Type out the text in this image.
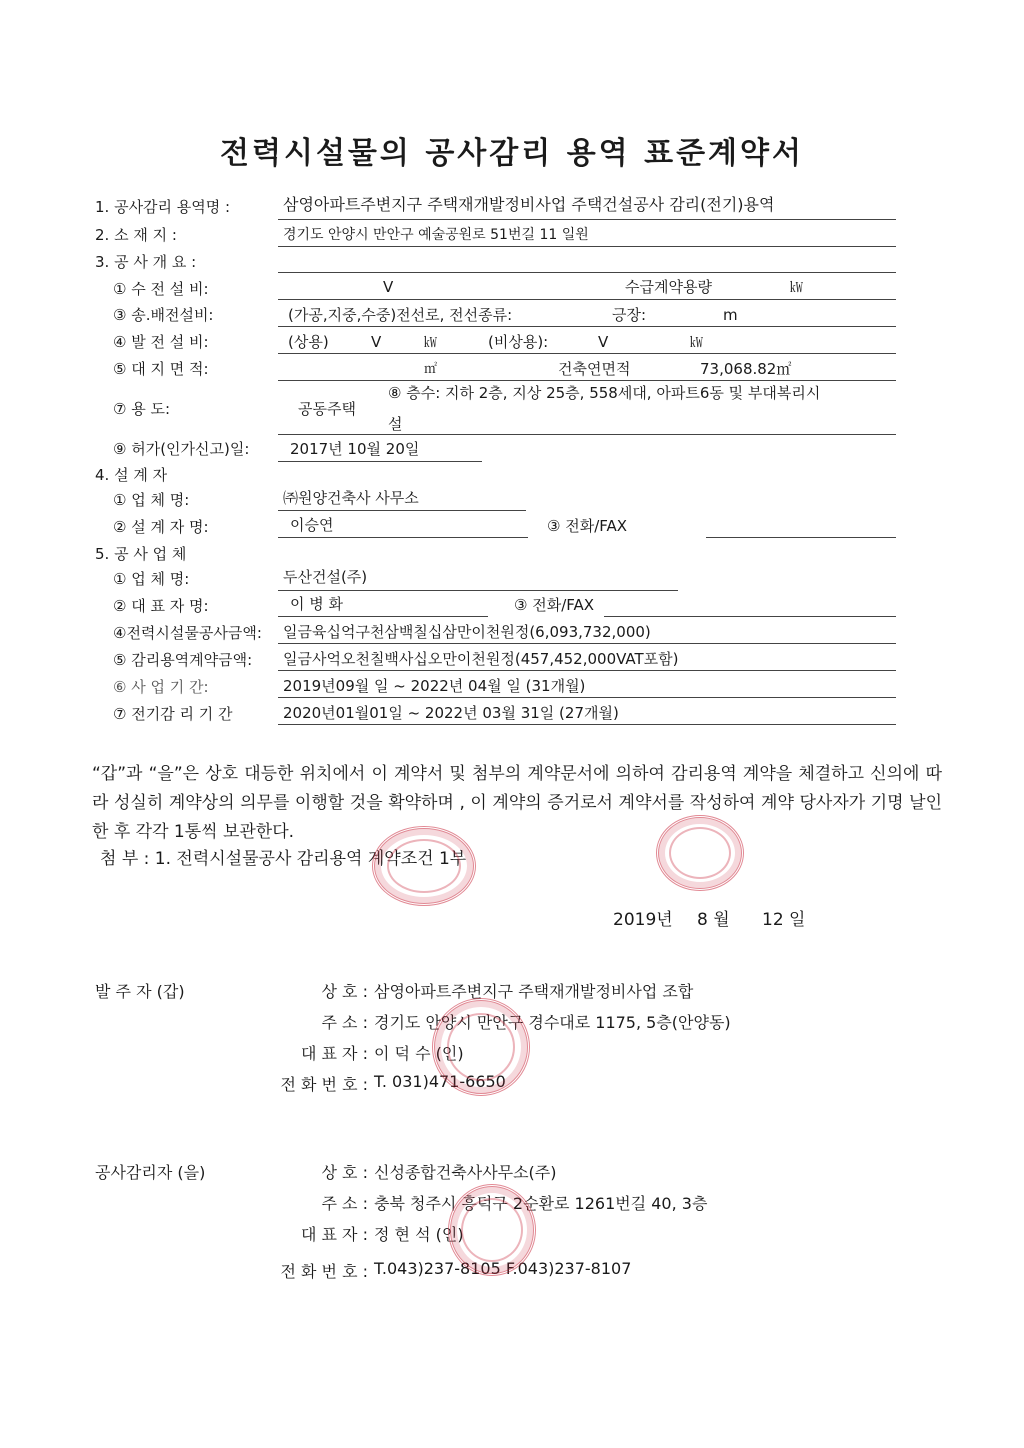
전력시설물의 공사감리 용역 표준계약서
1. 공사감리 용역명 :	삼영아파트주변지구 주택재개발정비사업 주택건설공사 감리(전기)용역
2. 소 재 지 :	경기도 안양시 만안구 예술공원로 51번길 11 일원
3. 공 사 개 요 :
① 수 전 설 비:	V	수급계약용량	㎾
③ 송.배전설비:	(가공,지중,수중)전선로, 전선종류:	긍장:	m
④ 발 전 설 비:	(상용)	V	㎾	(비상용):	V	㎾
⑤ 대 지 면 적:	㎡	건축연면적	73,068.82㎡
⑦ 용 도:	공동주택
⑧ 층수: 지하 2층, 지상 25층, 558세대, 아파트6동 및 부대복리시
설
⑨ 허가(인가신고)일:	2017년 10월 20일
4. 설 계 자
① 업 체 명:	㈜원양건축사 사무소
② 설 계 자 명:	이승연	③ 전화/FAX
5. 공 사 업 체
① 업 체 명:	두산건설(주)
② 대 표 자 명:	이 병 화	③ 전화/FAX
④전력시설물공사금액: 일금육십억구천삼백칠십삼만이천원정(6,093,732,000)
⑤ 감리용역계약금액: 일금사억오천칠백사십오만이천원정(457,452,000VAT포함)
⑥ 사 업 기 간:	2019년09월 일 ~ 2022년 04월 일 (31개월)
⑦ 전기감 리 기 간	2020년01월01일 ~ 2022년 03월 31일 (27개월)
“갑”과 “을”은 상호 대등한 위치에서 이 계약서 및 첨부의 계약문서에 의하여 감리용역 계약을 체결하고 신의에 따라 성실히 계약상의 의무를 이행할 것을 확약하며 , 이 계약의 증거로서 계약서를 작성하여 계약 당사자가 기명 날인한 후 각각 1통씩 보관한다.
첨 부 : 1. 전력시설물공사 감리용역 계약조건 1부
2019년 8 월 12 일
발 주 자 (갑)	상 호 : 삼영아파트주변지구 주택재개발정비사업 조합
주 소 : 경기도 안양시 만안구 경수대로 1175, 5층(안양동)
대 표 자 : 이 덕 수 (인)
전 화 번 호 : T. 031)471-6650
공사감리자 (을)	상 호 : 신성종합건축사사무소(주)
주 소 : 충북 청주시 흥덕구 2순환로 1261번길 40, 3층
대 표 자 : 정 현 석 (인)
전 화 번 호 : T.043)237-8105 F.043)237-8107
